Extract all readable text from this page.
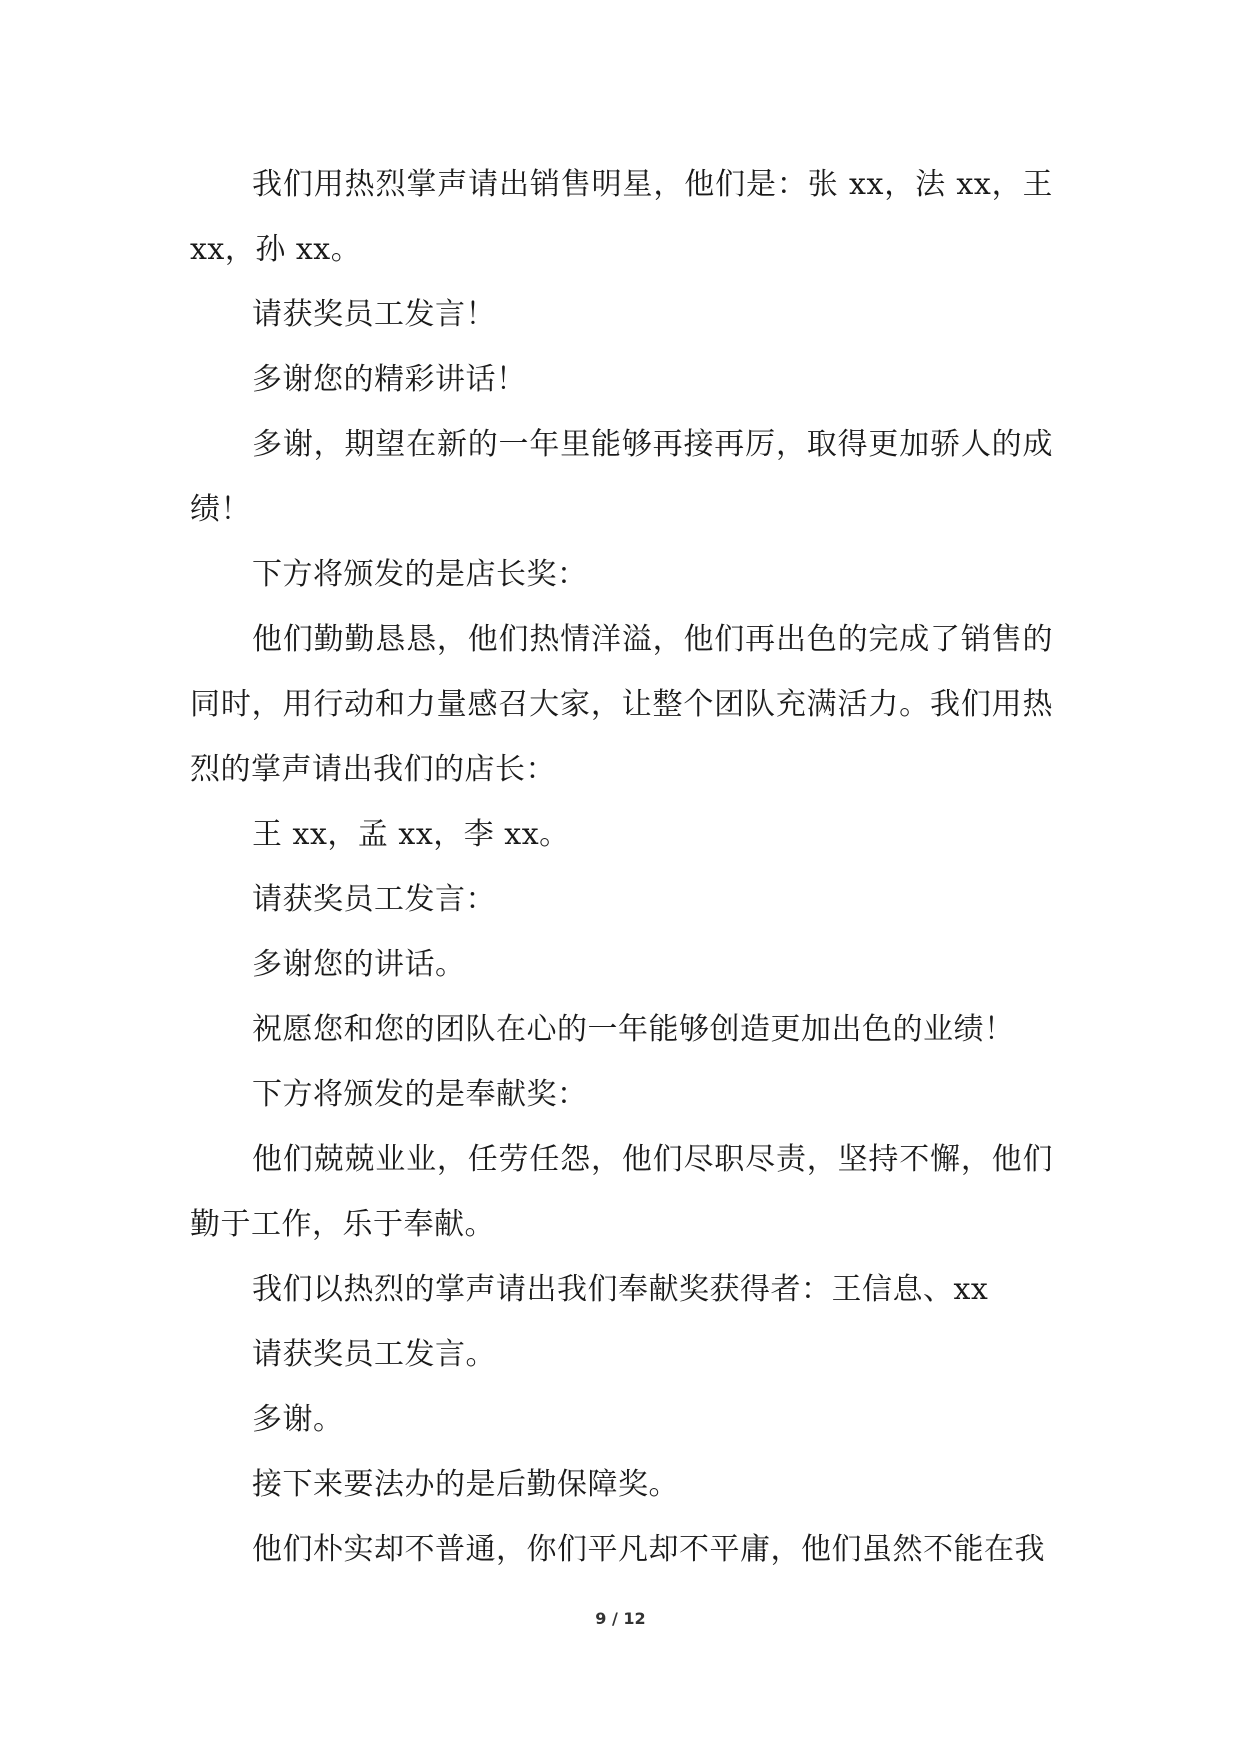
我们用热烈掌声请出销售明星，他们是：张 xx，法 xx，王 xx，孙 xx。

请获奖员工发言！

多谢您的精彩讲话！

多谢，期望在新的一年里能够再接再厉，取得更加骄人的成绩！

下方将颁发的是店长奖：

他们勤勤恳恳，他们热情洋溢，他们再出色的完成了销售的同时，用行动和力量感召大家，让整个团队充满活力。我们用热烈的掌声请出我们的店长：

王 xx，孟 xx，李 xx。

请获奖员工发言：

多谢您的讲话。

祝愿您和您的团队在心的一年能够创造更加出色的业绩！

下方将颁发的是奉献奖：

他们兢兢业业，任劳任怨，他们尽职尽责，坚持不懈，他们勤于工作，乐于奉献。

我们以热烈的掌声请出我们奉献奖获得者：王信息、xx

请获奖员工发言。

多谢。

接下来要法办的是后勤保障奖。

他们朴实却不普通，你们平凡却不平庸，他们虽然不能在我

9 / 12
